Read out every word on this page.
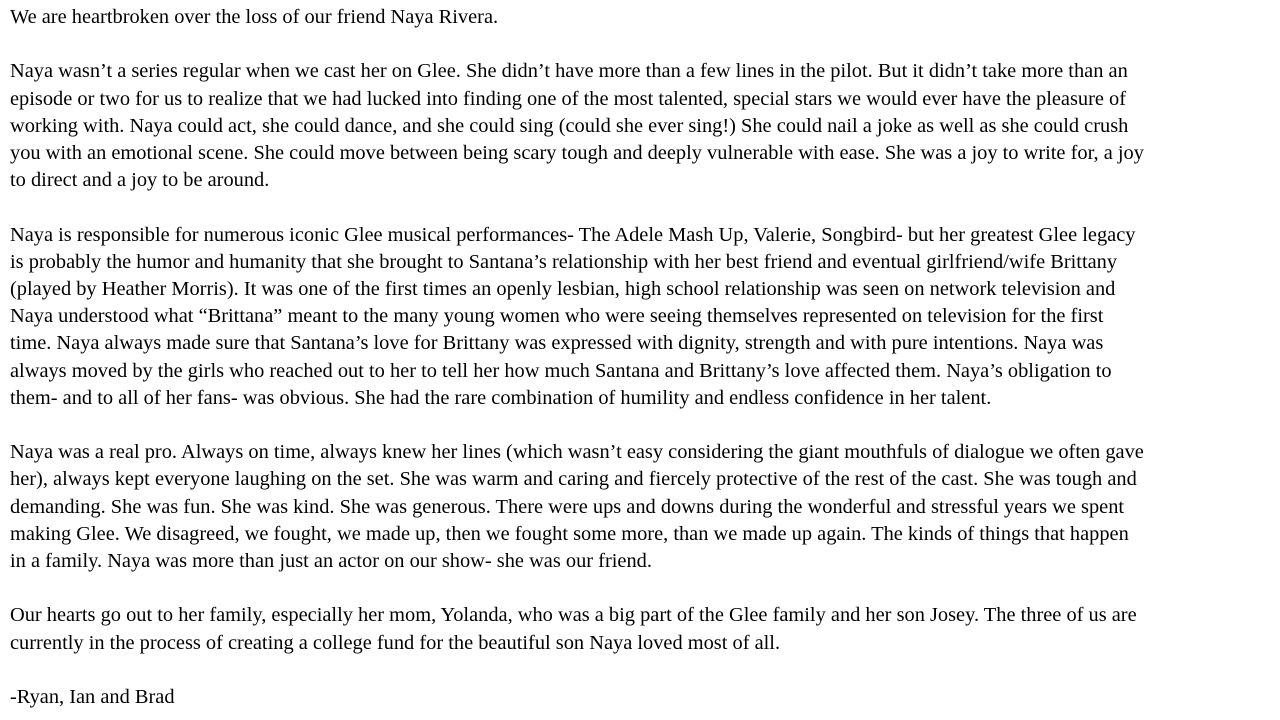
We are heartbroken over the loss of our friend Naya Rivera.

Naya wasn’t a series regular when we cast her on Glee. She didn’t have more than a few lines in the pilot. But it didn’t take more than an
episode or two for us to realize that we had lucked into finding one of the most talented, special stars we would ever have the pleasure of
working with. Naya could act, she could dance, and she could sing (could she ever sing!) She could nail a joke as well as she could crush
you with an emotional scene. She could move between being scary tough and deeply vulnerable with ease. She was a joy to write for, a joy
to direct and a joy to be around.

Naya is responsible for numerous iconic Glee musical performances- The Adele Mash Up, Valerie, Songbird- but her greatest Glee legacy
is probably the humor and humanity that she brought to Santana’s relationship with her best friend and eventual girlfriend/wife Brittany
(played by Heather Morris). It was one of the first times an openly lesbian, high school relationship was seen on network television and
Naya understood what “Brittana” meant to the many young women who were seeing themselves represented on television for the first
time. Naya always made sure that Santana’s love for Brittany was expressed with dignity, strength and with pure intentions. Naya was
always moved by the girls who reached out to her to tell her how much Santana and Brittany’s love affected them. Naya’s obligation to
them- and to all of her fans- was obvious. She had the rare combination of humility and endless confidence in her talent.

Naya was a real pro. Always on time, always knew her lines (which wasn’t easy considering the giant mouthfuls of dialogue we often gave
her), always kept everyone laughing on the set. She was warm and caring and fiercely protective of the rest of the cast. She was tough and
demanding. She was fun. She was kind. She was generous. There were ups and downs during the wonderful and stressful years we spent
making Glee. We disagreed, we fought, we made up, then we fought some more, than we made up again. The kinds of things that happen
in a family. Naya was more than just an actor on our show- she was our friend.

Our hearts go out to her family, especially her mom, Yolanda, who was a big part of the Glee family and her son Josey. The three of us are
currently in the process of creating a college fund for the beautiful son Naya loved most of all.

-Ryan, Ian and Brad
